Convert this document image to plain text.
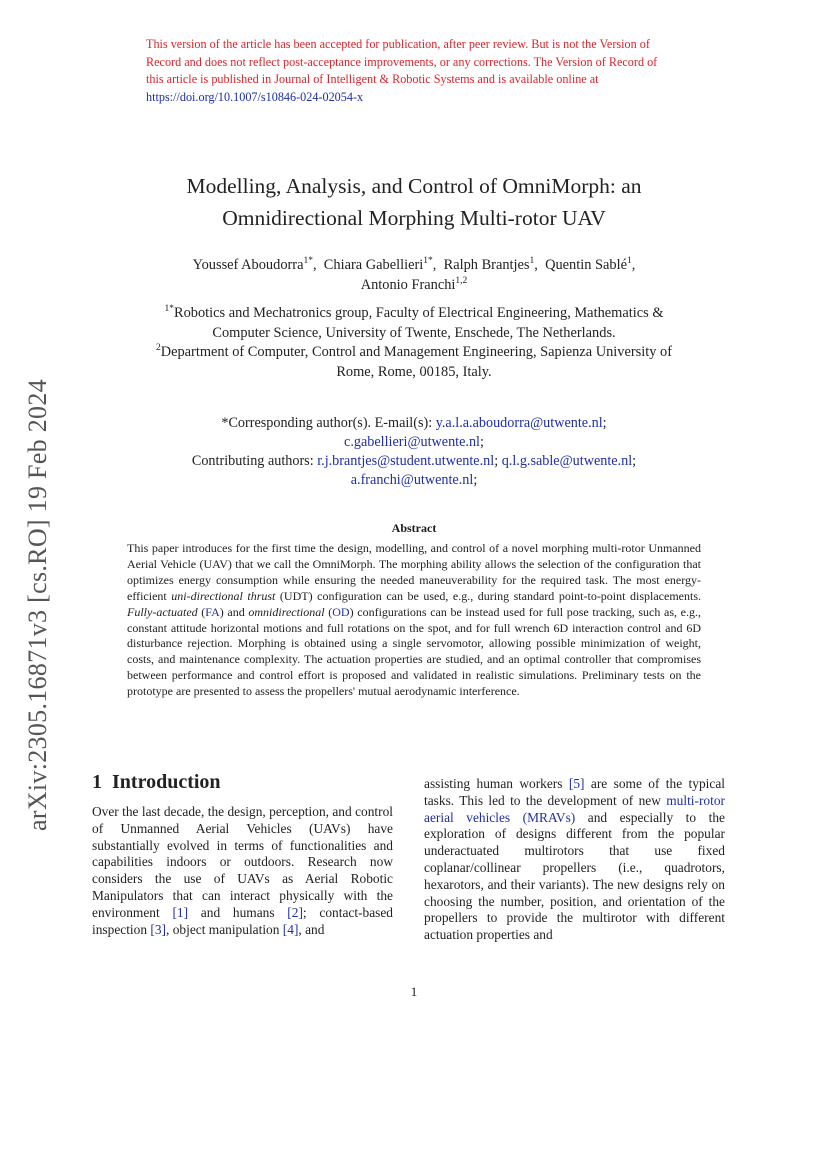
This version of the article has been accepted for publication, after peer review. But is not the Version of Record and does not reflect post-acceptance improvements, or any corrections. The Version of Record of this article is published in Journal of Intelligent & Robotic Systems and is available online at https://doi.org/10.1007/s10846-024-02054-x
arXiv:2305.16871v3 [cs.RO] 19 Feb 2024
Modelling, Analysis, and Control of OmniMorph: an
Omnidirectional Morphing Multi-rotor UAV
Youssef Aboudorra$^{1*}$,  Chiara Gabellieri$^{1*}$,  Ralph Brantjes$^1$,  Quentin Sablé$^1$,
Antonio Franchi$^{1,2}$
$^{1*}$Robotics and Mechatronics group, Faculty of Electrical Engineering, Mathematics &
Computer Science, University of Twente, Enschede, The Netherlands.
$^2$Department of Computer, Control and Management Engineering, Sapienza University of
Rome, Rome, 00185, Italy.
*Corresponding author(s). E-mail(s): y.a.l.a.aboudorra@utwente.nl;
c.gabellieri@utwente.nl;
Contributing authors: r.j.brantjes@student.utwente.nl; q.l.g.sable@utwente.nl;
a.franchi@utwente.nl;
Abstract
This paper introduces for the first time the design, modelling, and control of a novel morphing multi-rotor Unmanned Aerial Vehicle (UAV) that we call the OmniMorph. The morphing ability allows the selection of the configuration that optimizes energy consumption while ensuring the needed maneuverability for the required task. The most energy-efficient uni-directional thrust (UDT) configuration can be used, e.g., during standard point-to-point displacements. Fully-actuated (FA) and omnidirectional (OD) configurations can be instead used for full pose tracking, such as, e.g., constant attitude horizontal motions and full rotations on the spot, and for full wrench 6D interaction control and 6D disturbance rejection. Morphing is obtained using a single servomotor, allowing possible minimization of weight, costs, and maintenance complexity. The actuation properties are studied, and an optimal controller that compromises between performance and control effort is proposed and validated in realistic simulations. Preliminary tests on the prototype are presented to assess the propellers' mutual aerodynamic interference.
1 Introduction

Over the last decade, the design, perception, and control of Unmanned Aerial Vehicles (UAVs) have substantially evolved in terms of functionalities and capabilities indoors or outdoors. Research now considers the use of UAVs as Aerial Robotic Manipulators that can interact physically with the environment [1] and humans [2]; contact-based inspection [3], object manipulation [4], and

assisting human workers [5] are some of the typical tasks. This led to the development of new multi-rotor aerial vehicles (MRAVs) and especially to the exploration of designs different from the popular underactuated multirotors that use fixed coplanar/collinear propellers (i.e., quadrotors, hexarotors, and their variants). The new designs rely on choosing the number, position, and orientation of the propellers to provide the multirotor with different actuation properties and

1
